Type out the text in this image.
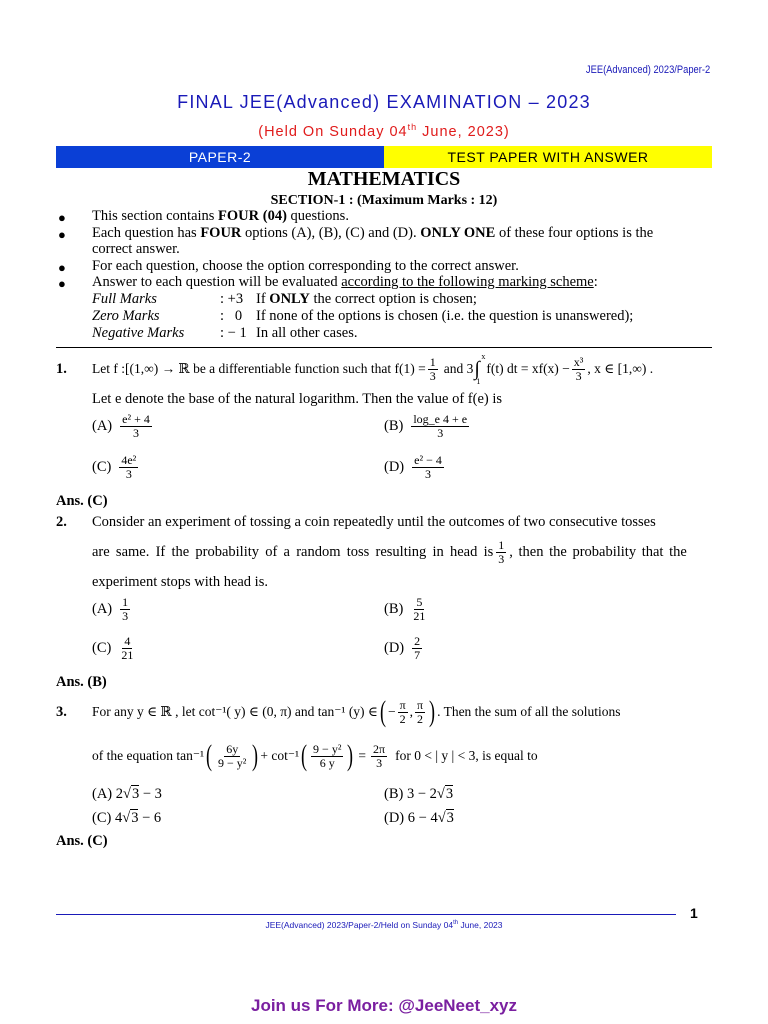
JEE(Advanced) 2023/Paper-2
FINAL JEE(Advanced) EXAMINATION – 2023
(Held On Sunday 04th June, 2023)
PAPER-2	TEST PAPER WITH ANSWER
MATHEMATICS
SECTION-1 : (Maximum Marks : 12)
● This section contains FOUR (04) questions.
● Each question has FOUR options (A), (B), (C) and (D). ONLY ONE of these four options is the
correct answer.
● For each question, choose the option corresponding to the correct answer.
● Answer to each question will be evaluated according to the following marking scheme:
Full Marks	: +3 If ONLY the correct option is chosen;
Zero Marks	:   0 If none of the options is chosen (i.e. the question is unanswered);
Negative Marks : − 1 In all other cases.
1. Let f :[(1,∞) → ℝ be a differentiable function such that $f(1) = \frac{1}{3}$ and 3
x
∫
1
f(t) dt = $xf(x) - \frac{\text{x³}}{3}$ , x ∈ [1,∞) .
Let e denote the base of the natural logarithm. Then the value of f(e) is
$(A) \frac{\text{e² + 4}}{3}$	$(B) \frac{\log\_e 4 + e}{3}$
$(C) \frac{\text{4e²}}{3}$	$(D) \frac{\text{e² − 4}}{3}$
Ans. (C)
2. Consider an experiment of tossing a coin repeatedly until the outcomes of two consecutive tosses
are same. If the probability of a random toss resulting in head is $\frac{1}{3}$ , then the probability that the
experiment stops with head is.
$(A) \frac{1}{3}$	$(B) \frac{5}{21}$
$(C) \frac{4}{21}$	$(D) \frac{2}{7}$
Ans. (B)
3. For any y ∈ ℝ , let cot⁻¹( y) ∈ (0, π) and tan⁻¹ (y) ∈ ( − $\frac{\pi}{2}$ , $\frac{\pi}{2}$ ) . Then the sum of all the solutions
of the equation tan⁻¹ ( $\frac{6y}{\text{9 − y²}}$ ) + cot⁻¹ ( $\frac{\text{9 − y²}}{6 y}$ ) = $\frac{2\pi}{3}$ for 0 < | y | < 3, is equal to
(A) 2√3 − 3	(B) 3 − 2√3
(C) 4√3 − 6	(D) 6 − 4√3
Ans. (C)
1
JEE(Advanced) 2023/Paper-2/Held on Sunday 04th June, 2023
Join us For More: @JeeNeet_xyz
